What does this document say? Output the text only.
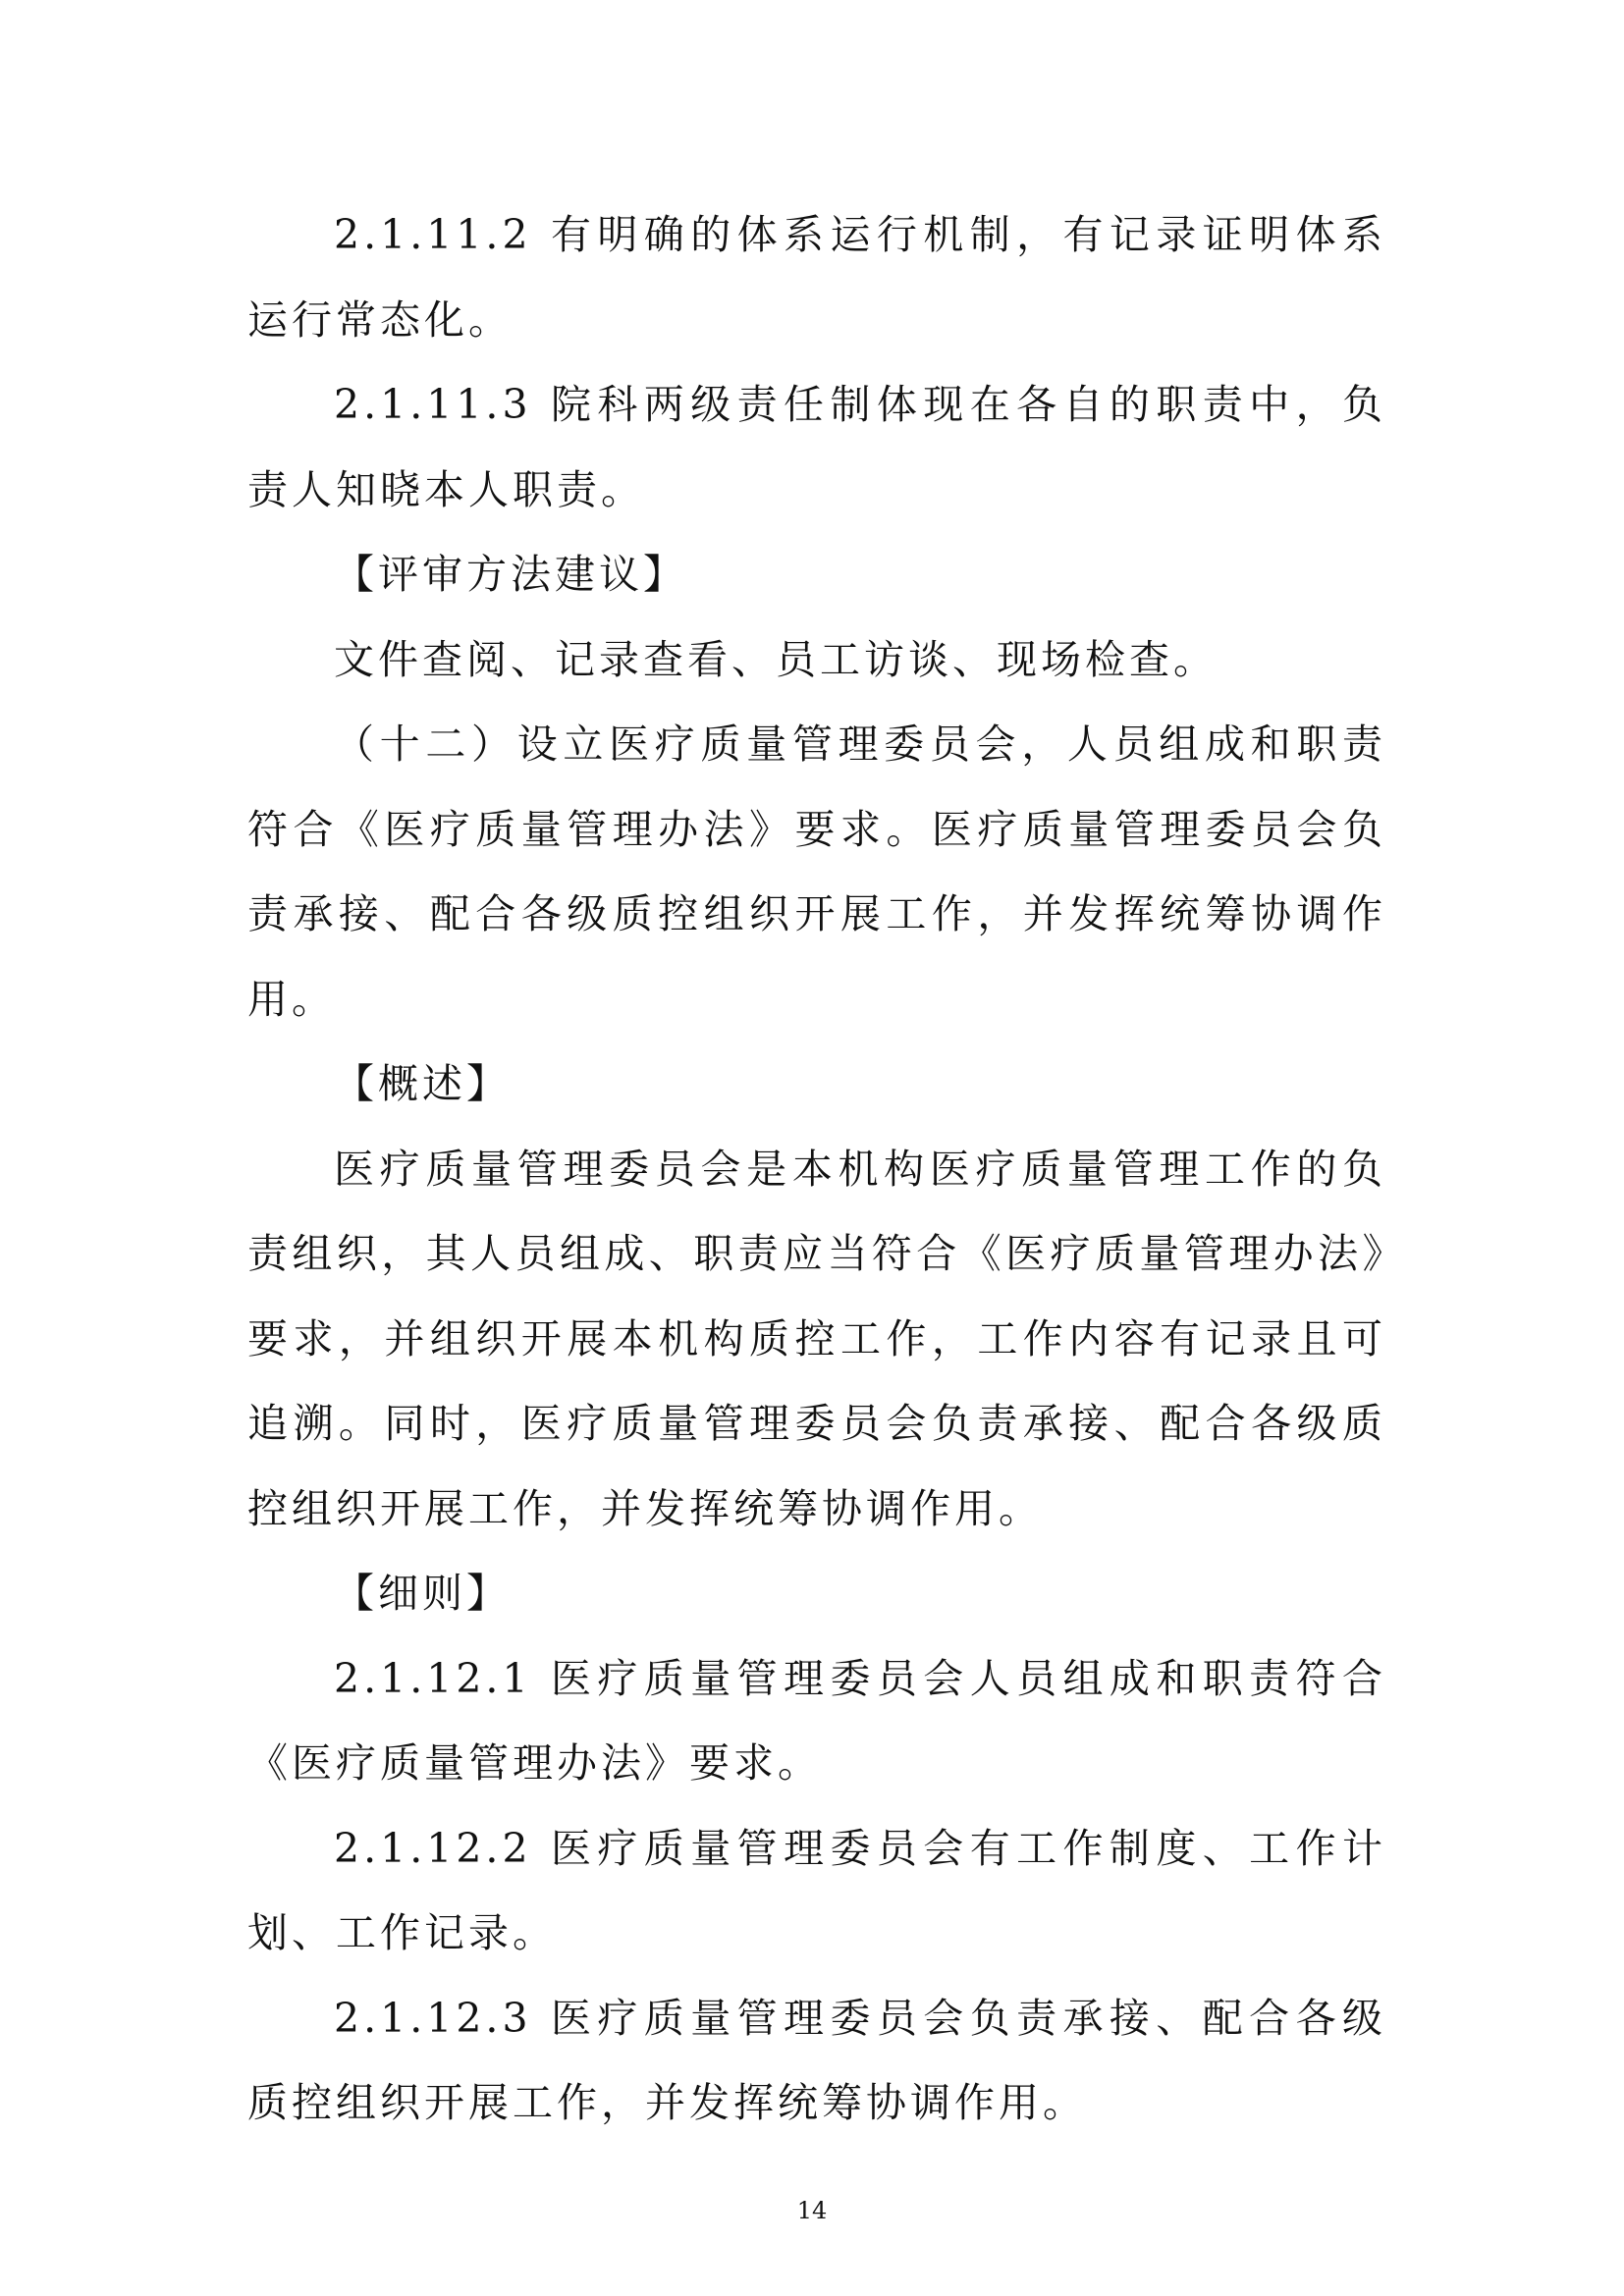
2.1.11.2 有明确的体系运行机制，有记录证明体系运行常态化。

2.1.11.3 院科两级责任制体现在各自的职责中，负责人知晓本人职责。

【评审方法建议】

文件查阅、记录查看、员工访谈、现场检查。

（十二）设立医疗质量管理委员会，人员组成和职责符合《医疗质量管理办法》要求。医疗质量管理委员会负责承接、配合各级质控组织开展工作，并发挥统筹协调作用。

【概述】

医疗质量管理委员会是本机构医疗质量管理工作的负责组织，其人员组成、职责应当符合《医疗质量管理办法》要求，并组织开展本机构质控工作，工作内容有记录且可追溯。同时，医疗质量管理委员会负责承接、配合各级质控组织开展工作，并发挥统筹协调作用。

【细则】

2.1.12.1 医疗质量管理委员会人员组成和职责符合《医疗质量管理办法》要求。

2.1.12.2 医疗质量管理委员会有工作制度、工作计划、工作记录。

2.1.12.3 医疗质量管理委员会负责承接、配合各级质控组织开展工作，并发挥统筹协调作用。

14
